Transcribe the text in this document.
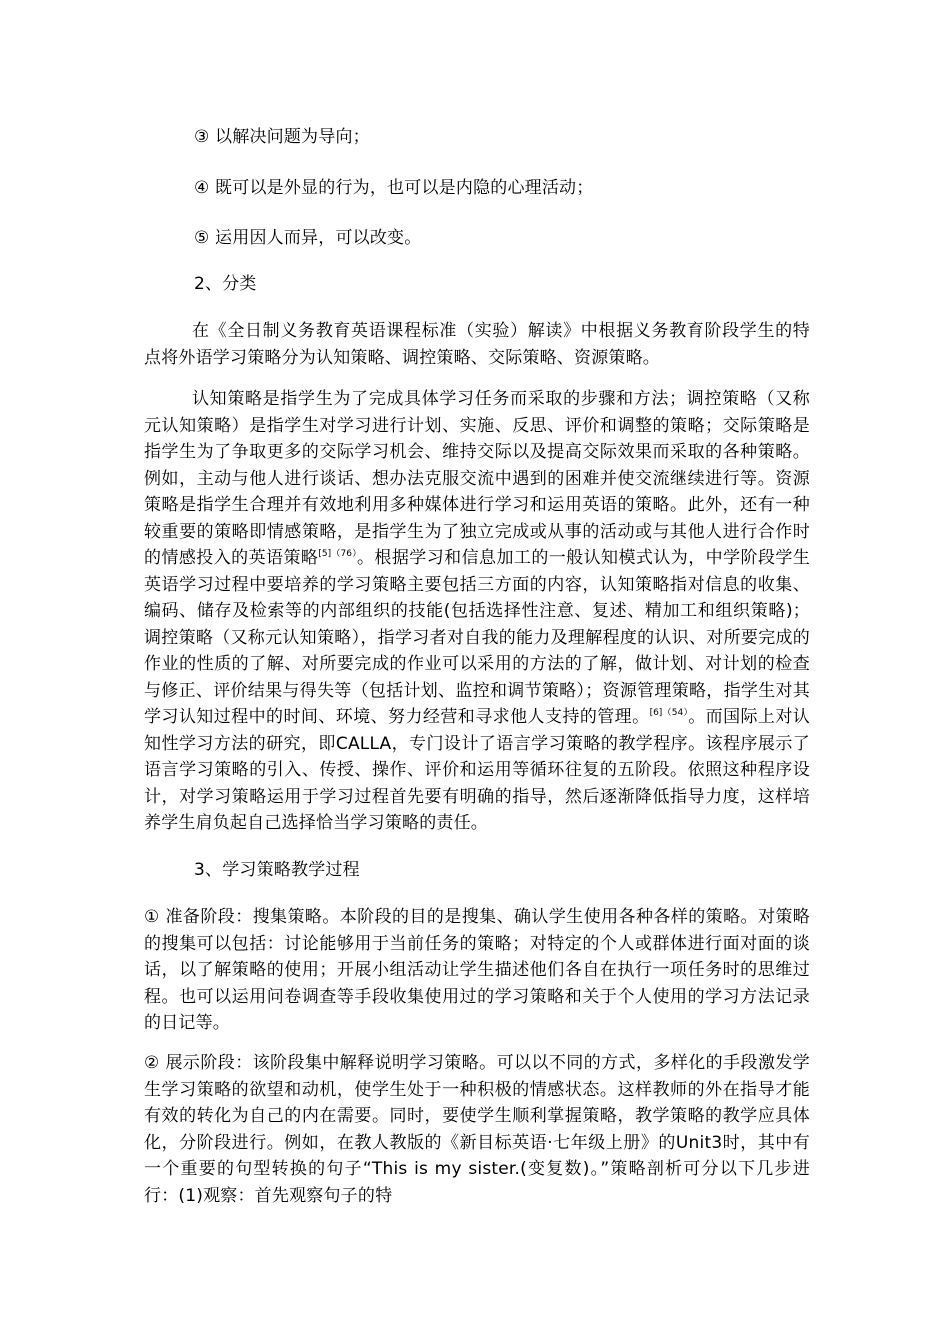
③ 以解决问题为导向；

④ 既可以是外显的行为，也可以是内隐的心理活动；

⑤ 运用因人而异，可以改变。

2、分类

在《全日制义务教育英语课程标准（实验）解读》中根据义务教育阶段学生的特点将外语学习策略分为认知策略、调控策略、交际策略、资源策略。

认知策略是指学生为了完成具体学习任务而采取的步骤和方法；调控策略（又称元认知策略）是指学生对学习进行计划、实施、反思、评价和调整的策略；交际策略是指学生为了争取更多的交际学习机会、维持交际以及提高交际效果而采取的各种策略。例如，主动与他人进行谈话、想办法克服交流中遇到的困难并使交流继续进行等。资源策略是指学生合理并有效地利用多种媒体进行学习和运用英语的策略。此外，还有一种较重要的策略即情感策略，是指学生为了独立完成或从事的活动或与其他人进行合作时的情感投入的英语策略$^{[5](76)}$。根据学习和信息加工的一般认知模式认为，中学阶段学生英语学习过程中要培养的学习策略主要包括三方面的内容，认知策略指对信息的收集、编码、储存及检索等的内部组织的技能(包括选择性注意、复述、精加工和组织策略)；调控策略（又称元认知策略），指学习者对自我的能力及理解程度的认识、对所要完成的作业的性质的了解、对所要完成的作业可以采用的方法的了解，做计划、对计划的检查与修正、评价结果与得失等（包括计划、监控和调节策略）；资源管理策略，指学生对其学习认知过程中的时间、环境、努力经营和寻求他人支持的管理。$^{[6](54)}$。而国际上对认知性学习方法的研究，即CALLA，专门设计了语言学习策略的教学程序。该程序展示了语言学习策略的引入、传授、操作、评价和运用等循环往复的五阶段。依照这种程序设计，对学习策略运用于学习过程首先要有明确的指导，然后逐渐降低指导力度，这样培养学生肩负起自己选择恰当学习策略的责任。

3、学习策略教学过程

① 准备阶段：搜集策略。本阶段的目的是搜集、确认学生使用各种各样的策略。对策略的搜集可以包括：讨论能够用于当前任务的策略；对特定的个人或群体进行面对面的谈话，以了解策略的使用；开展小组活动让学生描述他们各自在执行一项任务时的思维过程。也可以运用问卷调查等手段收集使用过的学习策略和关于个人使用的学习方法记录的日记等。

② 展示阶段：该阶段集中解释说明学习策略。可以以不同的方式，多样化的手段激发学生学习策略的欲望和动机，使学生处于一种积极的情感状态。这样教师的外在指导才能有效的转化为自己的内在需要。同时，要使学生顺利掌握策略，教学策略的教学应具体化，分阶段进行。例如，在教人教版的《新目标英语·七年级上册》的Unit3时，其中有一个重要的句型转换的句子“This is my sister.(变复数)。”策略剖析可分以下几步进行：(1)观察：首先观察句子的特
